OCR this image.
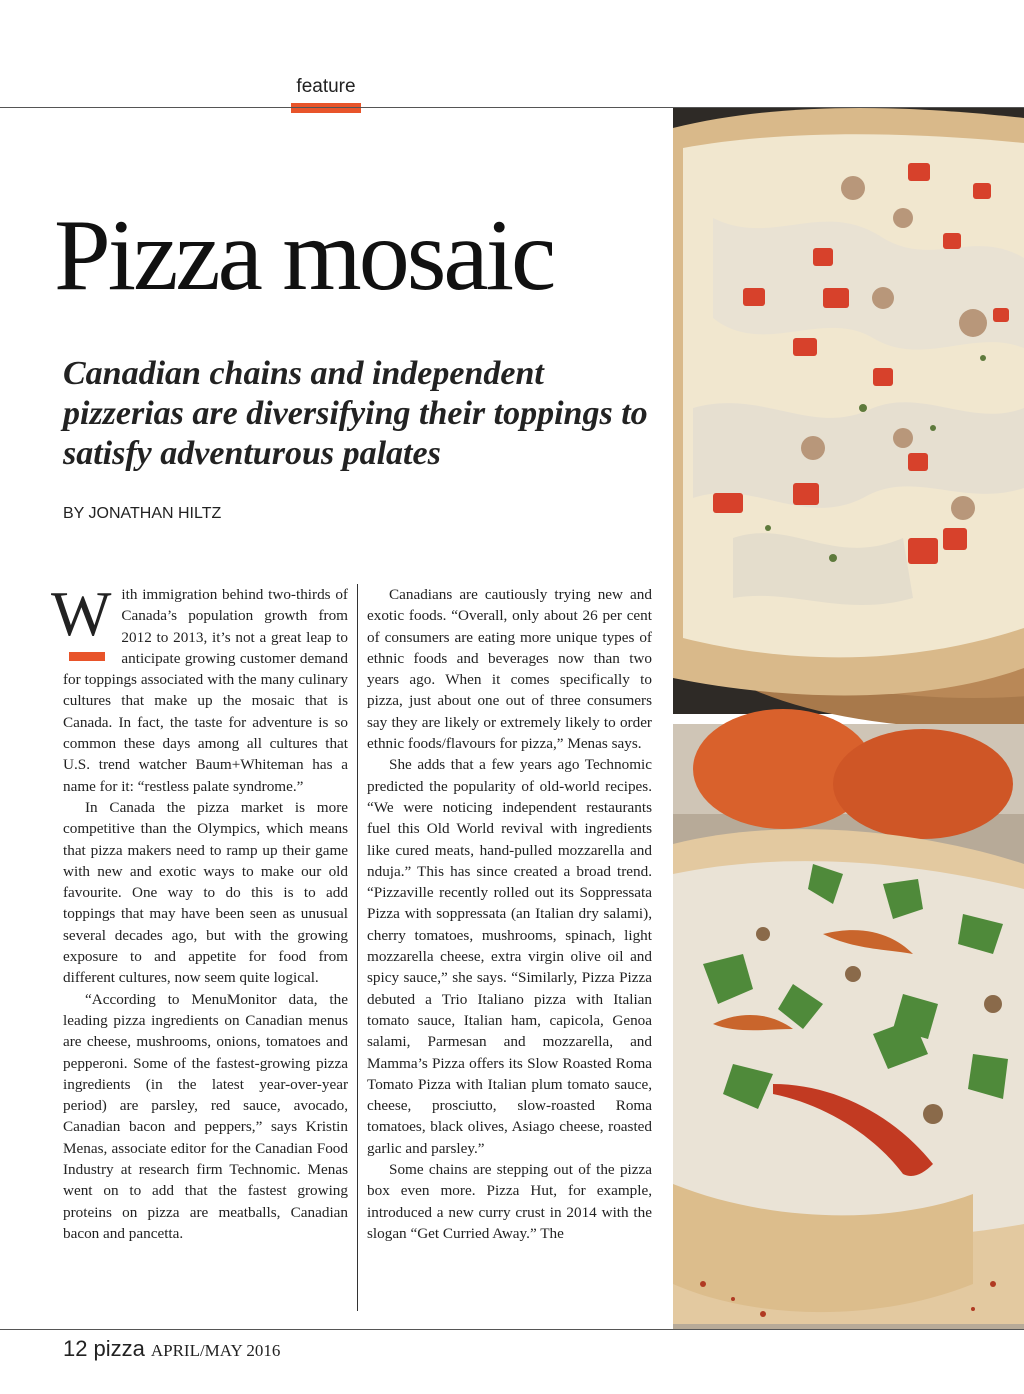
feature
Pizza mosaic
Canadian chains and independent pizzerias are diversifying their toppings to satisfy adventurous palates
BY JONATHAN HILTZ

With immigration behind two-thirds of Canada’s population growth from 2012 to 2013, it’s not a great leap to anticipate growing customer demand for toppings associated with the many culinary cultures that make up the mosaic that is Canada. In fact, the taste for adventure is so common these days among all cultures that U.S. trend watcher Baum+Whiteman has a name for it: “restless palate syndrome.”

In Canada the pizza market is more competitive than the Olympics, which means that pizza makers need to ramp up their game with new and exotic ways to make our old favourite. One way to do this is to add toppings that may have been seen as unusual several decades ago, but with the growing exposure to and appetite for food from different cultures, now seem quite logical.

“According to MenuMonitor data, the leading pizza ingredients on Canadian menus are cheese, mushrooms, onions, tomatoes and pepperoni. Some of the fastest-growing pizza ingredients (in the latest year-over-year period) are parsley, red sauce, avocado, Canadian bacon and peppers,” says Kristin Menas, associate editor for the Canadian Food Industry at research firm Technomic. Menas went on to add that the fastest growing proteins on pizza are meatballs, Canadian bacon and pancetta.

Canadians are cautiously trying new and exotic foods. “Overall, only about 26 per cent of consumers are eating more unique types of ethnic foods and beverages now than two years ago. When it comes specifically to pizza, just about one out of three consumers say they are likely or extremely likely to order ethnic foods/flavours for pizza,” Menas says.

She adds that a few years ago Technomic predicted the popularity of old-world recipes. “We were noticing independent restaurants fuel this Old World revival with ingredients like cured meats, hand-pulled mozzarella and nduja.” This has since created a broad trend. “Pizzaville recently rolled out its Soppressata Pizza with soppressata (an Italian dry salami), cherry tomatoes, mushrooms, spinach, light mozzarella cheese, extra virgin olive oil and spicy sauce,” she says. “Similarly, Pizza Pizza debuted a Trio Italiano pizza with Italian tomato sauce, Italian ham, capicola, Genoa salami, Parmesan and mozzarella, and Mamma’s Pizza offers its Slow Roasted Roma Tomato Pizza with Italian plum tomato sauce, cheese, prosciutto, slow-roasted Roma tomatoes, black olives, Asiago cheese, roasted garlic and parsley.”

Some chains are stepping out of the pizza box even more. Pizza Hut, for example, introduced a new curry crust in 2014 with the slogan “Get Curried Away.” The

12 pizza APRIL/MAY 2016
